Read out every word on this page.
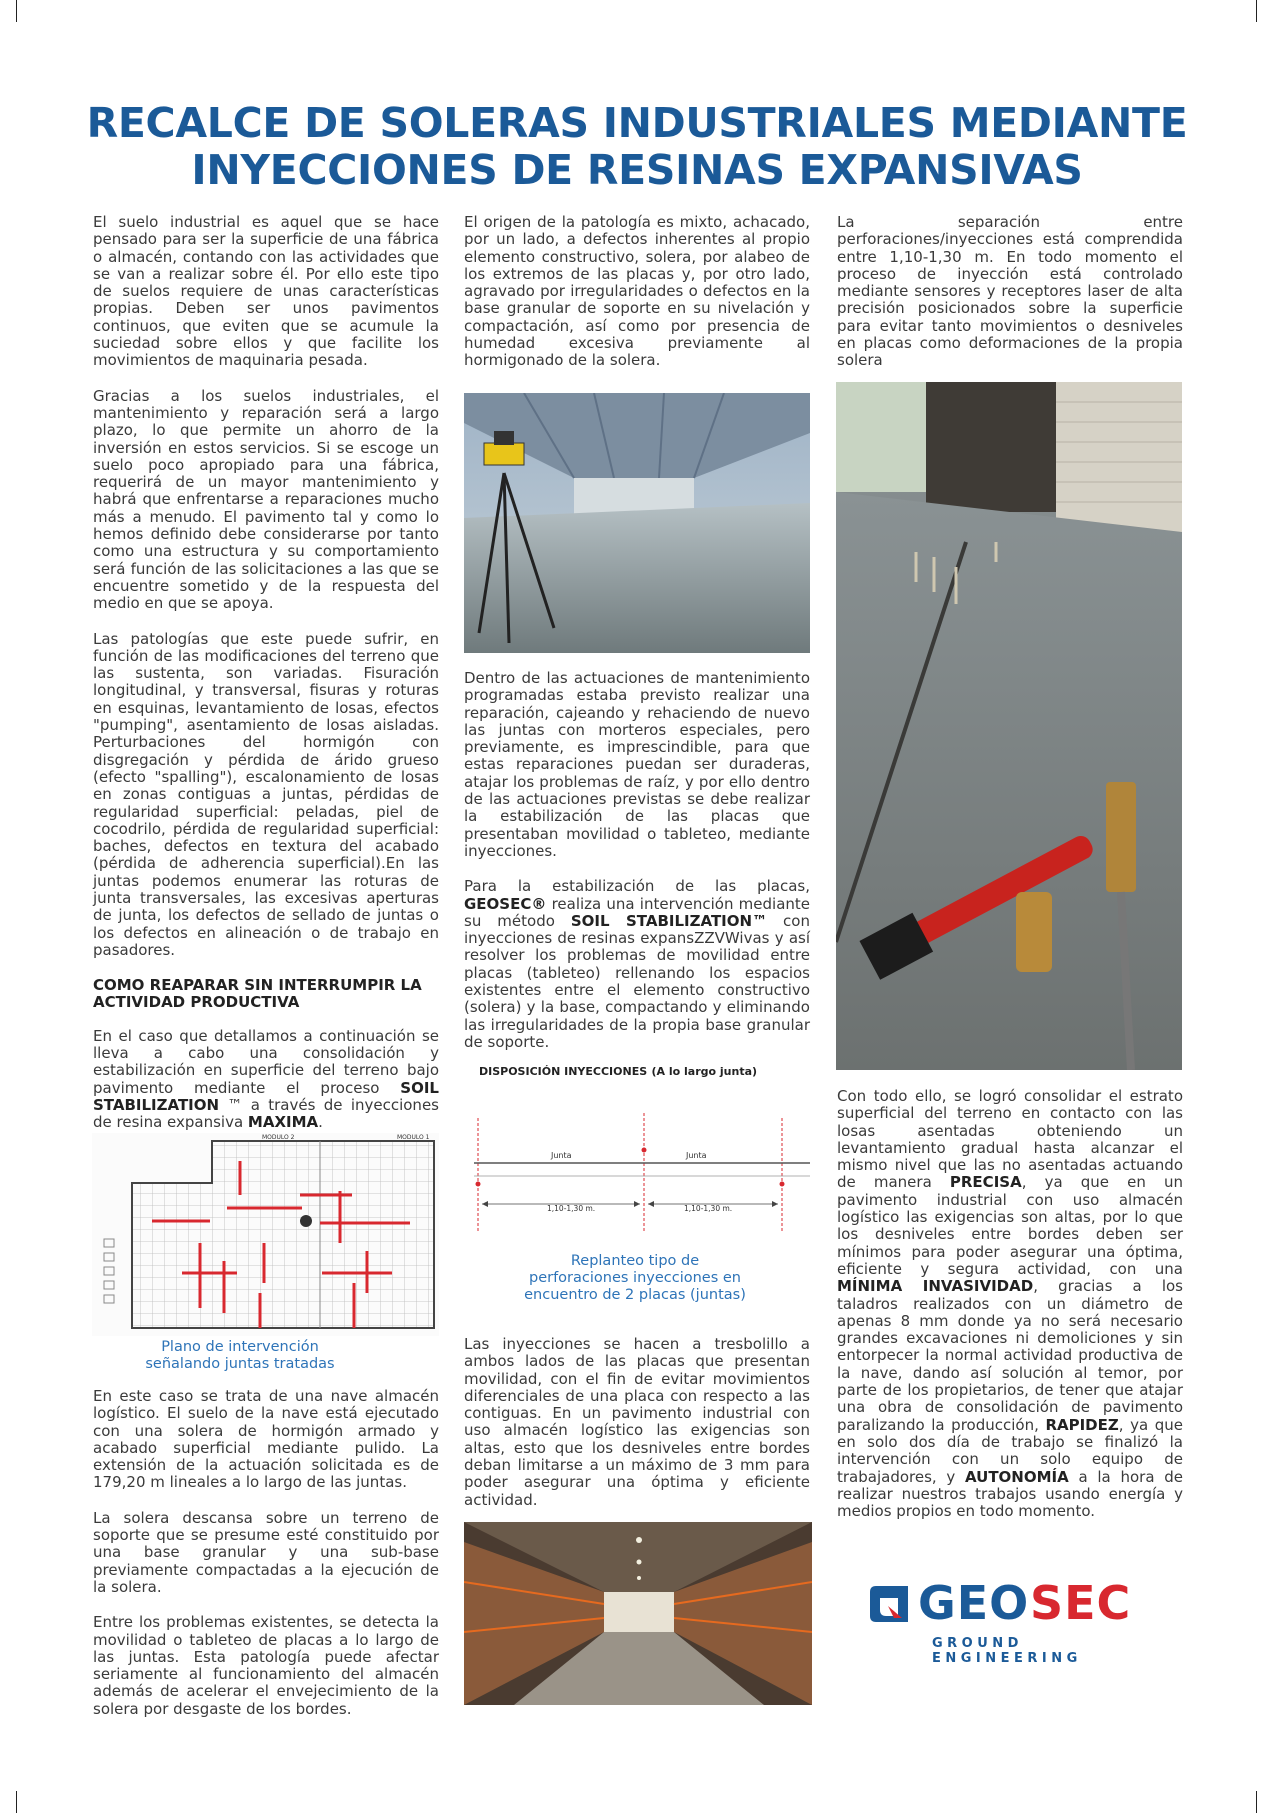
RECALCE DE SOLERAS INDUSTRIALES MEDIANTE
INYECCIONES DE RESINAS EXPANSIVAS

El suelo industrial es aquel que se hace pensado para ser la superficie de una fábrica o almacén, contando con las actividades que se van a realizar sobre él. Por ello este tipo de suelos requiere de unas características propias. Deben ser unos pavimentos continuos, que eviten que se acumule la suciedad sobre ellos y que facilite los movimientos de maquinaria pesada.

Gracias a los suelos industriales, el mantenimiento y reparación será a largo plazo, lo que permite un ahorro de la inversión en estos servicios. Si se escoge un suelo poco apropiado para una fábrica, requerirá de un mayor mantenimiento y habrá que enfrentarse a reparaciones mucho más a menudo. El pavimento tal y como lo hemos definido debe considerarse por tanto como una estructura y su comportamiento será función de las solicitaciones a las que se encuentre sometido y de la respuesta del medio en que se apoya.

Las patologías que este puede sufrir, en función de las modificaciones del terreno que las sustenta, son variadas. Fisuración longitudinal, y transversal, fisuras y roturas en esquinas, levantamiento de losas, efectos "pumping", asentamiento de losas aisladas. Perturbaciones del hormigón con disgregación y pérdida de árido grueso (efecto "spalling"), escalonamiento de losas en zonas contiguas a juntas, pérdidas de regularidad superficial: peladas, piel de cocodrilo, pérdida de regularidad superficial: baches, defectos en textura del acabado (pérdida de adherencia superficial).En las juntas podemos enumerar las roturas de junta transversales, las excesivas aperturas de junta, los defectos de sellado de juntas o los defectos en alineación o de trabajo en pasadores.

COMO REAPARAR SIN INTERRUMPIR LA ACTIVIDAD PRODUCTIVA

En el caso que detallamos a continuación se lleva a cabo una consolidación y estabilización en superficie del terreno bajo pavimento mediante el proceso SOIL STABILIZATION ™ a través de inyecciones de resina expansiva MAXIMA.

MODULO 2	MODULO 1
Plano de intervención señalando juntas tratadas

En este caso se trata de una nave almacén logístico. El suelo de la nave está ejecutado con una solera de hormigón armado y acabado superficial mediante pulido. La extensión de la actuación solicitada es de 179,20 m lineales a lo largo de las juntas.

La solera descansa sobre un terreno de soporte que se presume esté constituido por una base granular y una sub-base previamente compactadas a la ejecución de la solera.

Entre los problemas existentes, se detecta la movilidad o tableteo de placas a lo largo de las juntas. Esta patología puede afectar seriamente al funcionamiento del almacén además de acelerar el envejecimiento de la solera por desgaste de los bordes.

El origen de la patología es mixto, achacado, por un lado, a defectos inherentes al propio elemento constructivo, solera, por alabeo de los extremos de las placas y, por otro lado, agravado por irregularidades o defectos en la base granular de soporte en su nivelación y compactación, así como por presencia de humedad excesiva previamente al hormigonado de la solera.

Dentro de las actuaciones de mantenimiento programadas estaba previsto realizar una reparación, cajeando y rehaciendo de nuevo las juntas con morteros especiales, pero previamente, es imprescindible, para que estas reparaciones puedan ser duraderas, atajar los problemas de raíz, y por ello dentro de las actuaciones previstas se debe realizar la estabilización de las placas que presentaban movilidad o tableteo, mediante inyecciones.

Para la estabilización de las placas, GEOSEC® realiza una intervención mediante su método SOIL STABILIZATION™ con inyecciones de resinas expansZZVWivas y así resolver los problemas de movilidad entre placas (tableteo) rellenando los espacios existentes entre el elemento constructivo (solera) y la base, compactando y eliminando las irregularidades de la propia base granular de soporte.

DISPOSICIÓN INYECCIONES (A lo largo junta)
Junta	Junta
1,10-1,30 m.	1,10-1,30 m.
Replanteo tipo de perforaciones inyecciones en encuentro de 2 placas (juntas)

Las inyecciones se hacen a tresbolillo a ambos lados de las placas que presentan movilidad, con el fin de evitar movimientos diferenciales de una placa con respecto a las contiguas. En un pavimento industrial con uso almacén logístico las exigencias son altas, esto que los desniveles entre bordes deban limitarse a un máximo de 3 mm para poder asegurar una óptima y eficiente actividad.

La separación entre perforaciones/inyecciones está comprendida entre 1,10-1,30 m. En todo momento el proceso de inyección está controlado mediante sensores y receptores laser de alta precisión posicionados sobre la superficie para evitar tanto movimientos o desniveles en placas como deformaciones de la propia solera

Con todo ello, se logró consolidar el estrato superficial del terreno en contacto con las losas asentadas obteniendo un levantamiento gradual hasta alcanzar el mismo nivel que las no asentadas actuando de manera PRECISA, ya que en un pavimento industrial con uso almacén logístico las exigencias son altas, por lo que los desniveles entre bordes deben ser mínimos para poder asegurar una óptima, eficiente y segura actividad, con una MÍNIMA INVASIVIDAD, gracias a los taladros realizados con un diámetro de apenas 8 mm donde ya no será necesario grandes excavaciones ni demoliciones y sin entorpecer la normal actividad productiva de la nave, dando así solución al temor, por parte de los propietarios, de tener que atajar una obra de consolidación de pavimento paralizando la producción, RAPIDEZ, ya que en solo dos día de trabajo se finalizó la intervención con un solo equipo de trabajadores, y AUTONOMÍA a la hora de realizar nuestros trabajos usando energía y medios propios en todo momento.

GEO SEC
GROUND ENGINEERING
